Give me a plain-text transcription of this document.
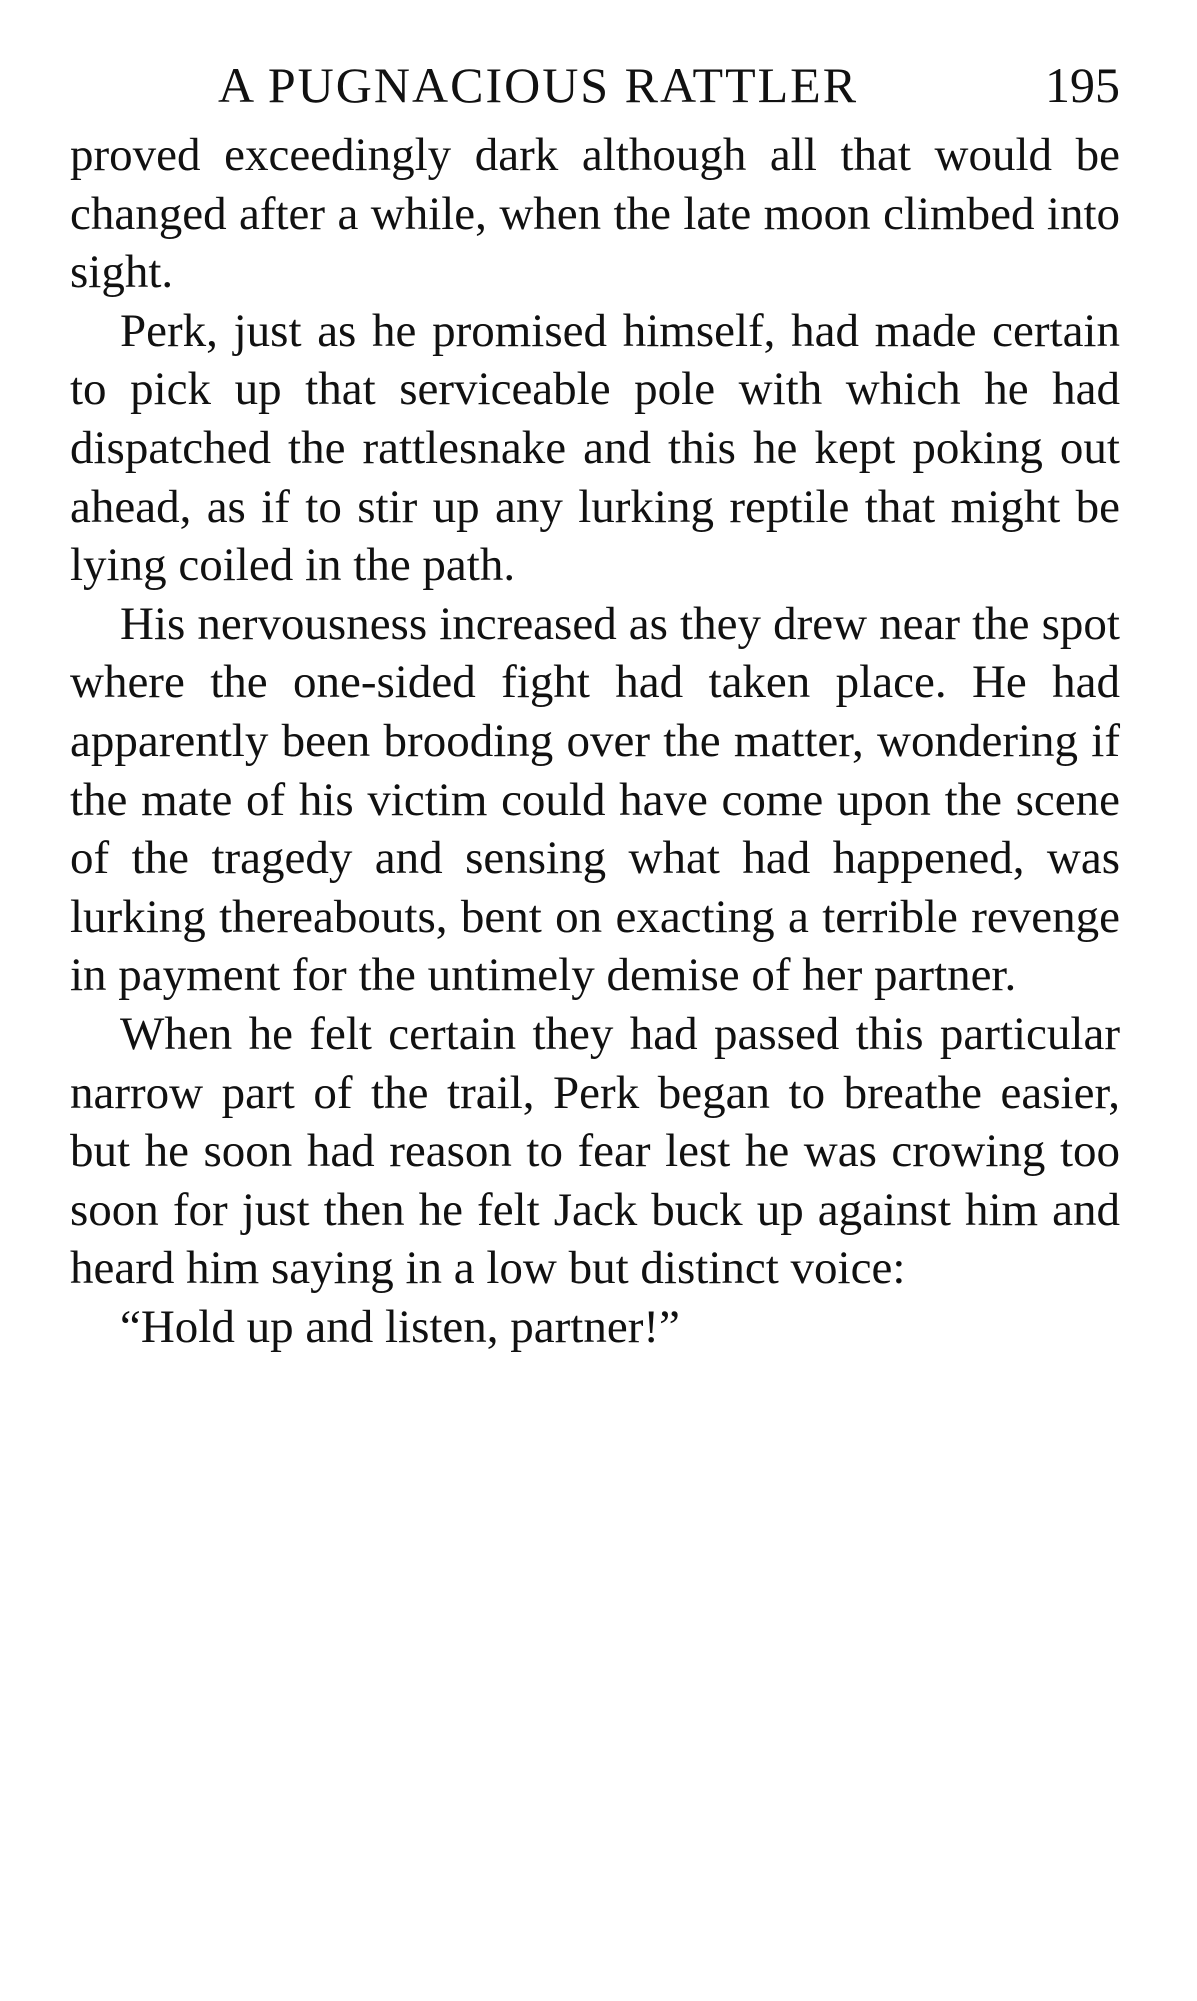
A PUGNACIOUS RATTLER	195

proved exceedingly dark although all that would be changed after a while, when the late moon climbed into sight.

Perk, just as he promised himself, had made certain to pick up that serviceable pole with which he had dispatched the rattlesnake and this he kept poking out ahead, as if to stir up any lurking reptile that might be lying coiled in the path.

His nervousness increased as they drew near the spot where the one-sided fight had taken place. He had apparently been brooding over the matter, wondering if the mate of his victim could have come upon the scene of the tragedy and sensing what had happened, was lurking thereabouts, bent on exacting a terrible revenge in payment for the untimely demise of her partner.

When he felt certain they had passed this particular narrow part of the trail, Perk began to breathe easier, but he soon had reason to fear lest he was crowing too soon for just then he felt Jack buck up against him and heard him saying in a low but distinct voice:

“Hold up and listen, partner!”
